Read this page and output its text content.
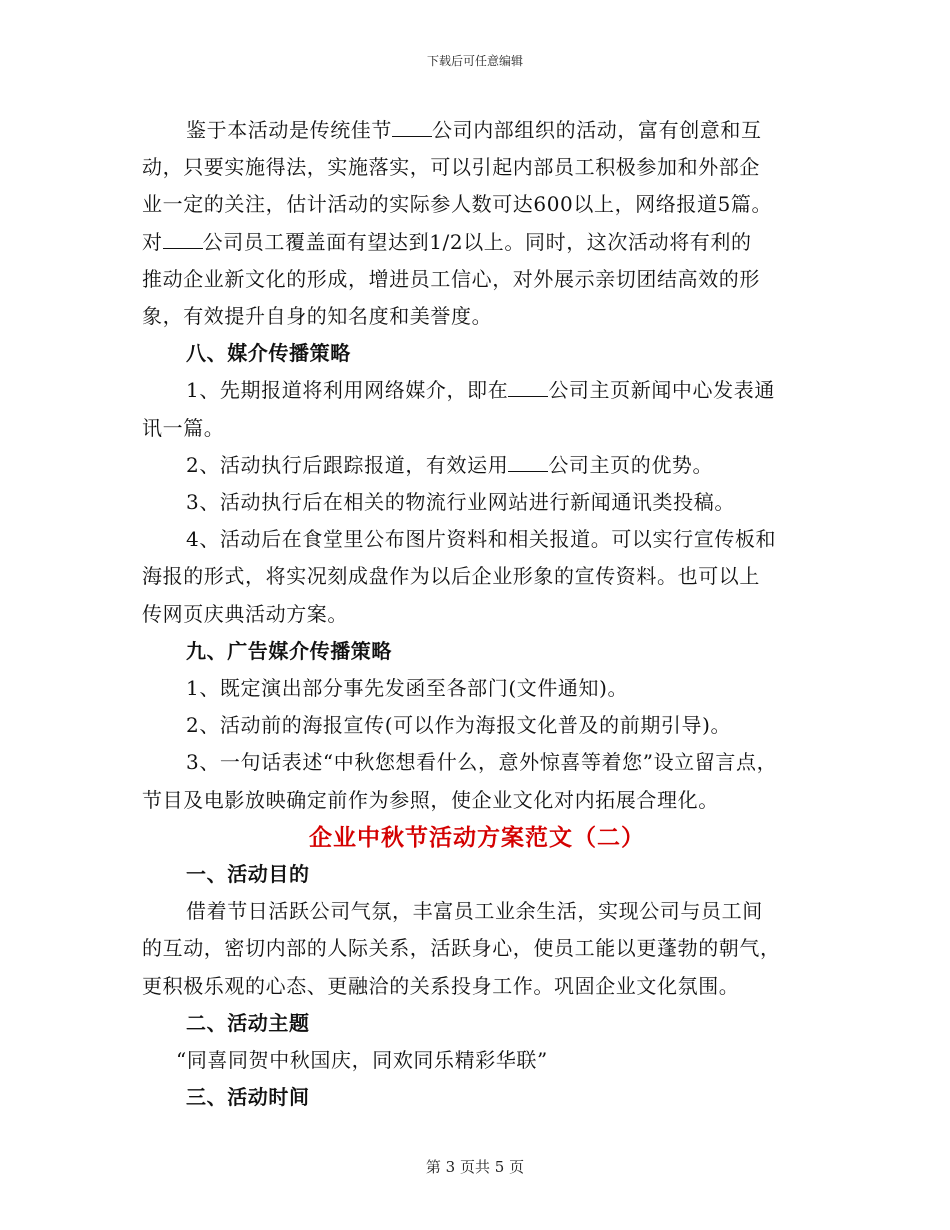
下载后可任意编辑

鉴于本活动是传统佳节 公司内部组织的活动，富有创意和互
动，只要实施得法，实施落实，可以引起内部员工积极参加和外部企
业一定的关注，估计活动的实际参人数可达600以上，网络报道5篇。
对 公司员工覆盖面有望达到1/2以上。同时，这次活动将有利的
推动企业新文化的形成，增进员工信心，对外展示亲切团结高效的形
象，有效提升自身的知名度和美誉度。

八、媒介传播策略

1、先期报道将利用网络媒介，即在 公司主页新闻中心发表通
讯一篇。

2、活动执行后跟踪报道，有效运用 公司主页的优势。

3、活动执行后在相关的物流行业网站进行新闻通讯类投稿。

4、活动后在食堂里公布图片资料和相关报道。可以实行宣传板和
海报的形式，将实况刻成盘作为以后企业形象的宣传资料。也可以上
传网页庆典活动方案。

九、广告媒介传播策略

1、既定演出部分事先发函至各部门(文件通知)。

2、活动前的海报宣传(可以作为海报文化普及的前期引导)。

3、一句话表述“中秋您想看什么，意外惊喜等着您”设立留言点，
节目及电影放映确定前作为参照，使企业文化对内拓展合理化。

企业中秋节活动方案范文（二）

一、活动目的

借着节日活跃公司气氛，丰富员工业余生活，实现公司与员工间
的互动，密切内部的人际关系，活跃身心，使员工能以更蓬勃的朝气，
更积极乐观的心态、更融洽的关系投身工作。巩固企业文化氛围。

二、活动主题

“同喜同贺中秋国庆，同欢同乐精彩华联”

三、活动时间

第 3 页共 5 页
